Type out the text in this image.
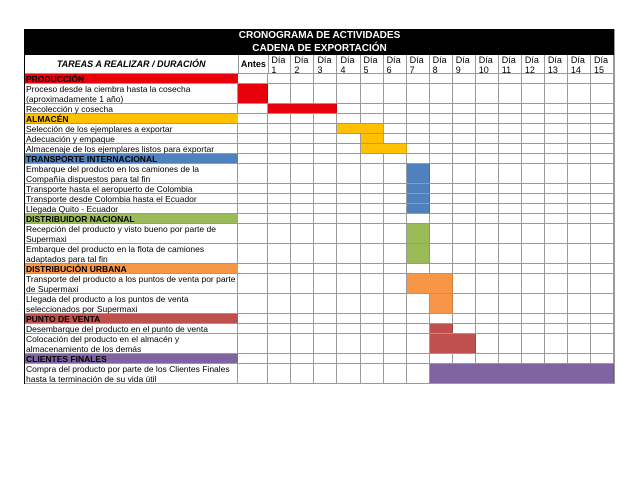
CRONOGRAMA DE ACTIVIDADES
CADENA DE EXPORTACIÓN
TAREAS A REALIZAR / DURACIÓN	Antes Día
1
Día
2
Día
3
Día
4
Día
5
Día
6
Día
7
Día
8
Día
9
Día
10
Día
11
Día
12
Día
13
Día
14
Día
15
PRODUCCIÓN
Proceso desde la ciembra hasta la cosecha (aproximadamente 1 año)
Recolección y cosecha
ALMACÉN
Selección de los ejemplares a exportar
Adecuación y empaque
Almacenaje de los ejemplares listos para exportar
TRANSPORTE INTERNACIONAL
Embarque del producto en los camiones de la Compañía dispuestos para tal fin
Transporte hasta el aeropuerto de Colombia
Transporte desde Colombia hasta el Ecuador
Llegada Quito - Ecuador
DISTRIBUIDOR NACIONAL
Recepción del producto y visto bueno por parte de Supermaxi
Embarque del producto en la flota de camiones adaptados para tal fin
DISTRIBUCIÓN URBANA
Transporte del producto a los puntos de venta por parte de Supermaxi
Llegada del producto a los puntos de venta seleccionados por Supermaxi
PUNTO DE VENTA
Desembarque del producto en el punto de venta
Colocación del producto en el almacén y almacenamiento de los demás
CLIENTES FINALES
Compra del producto por parte de los Clientes Finales hasta la terminación de su vida útil
